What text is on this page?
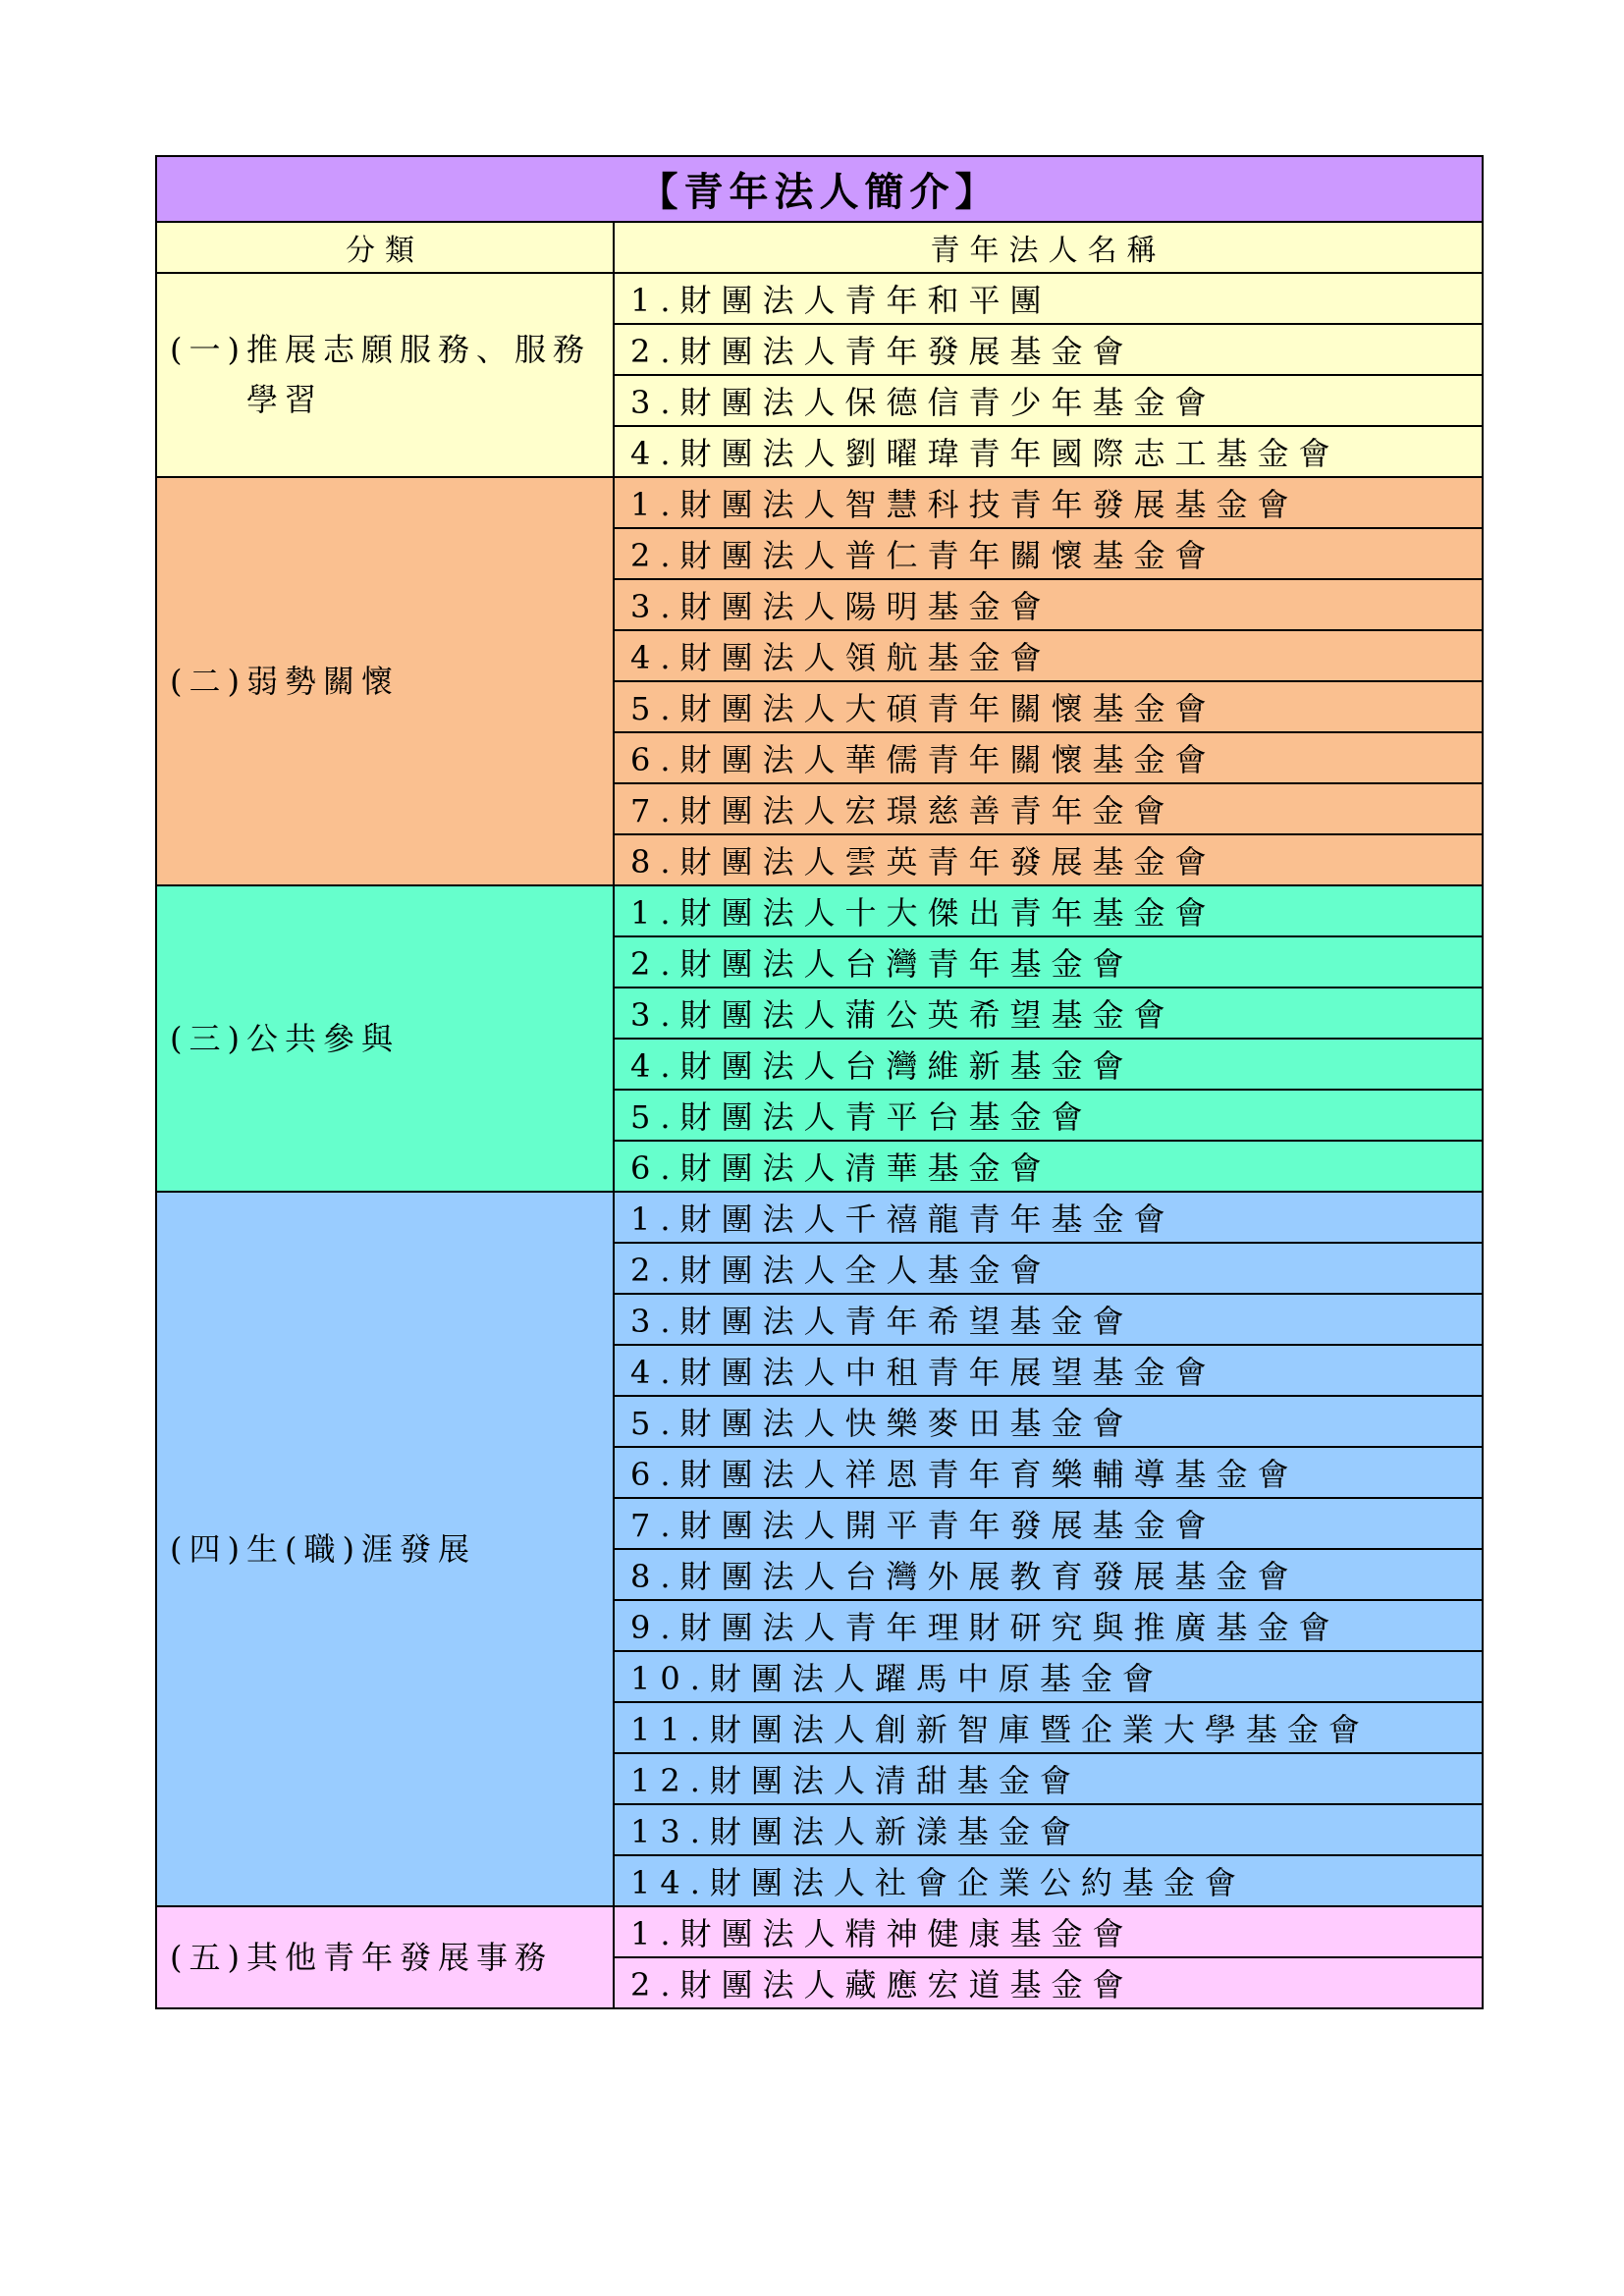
【青年法人簡介】	
分類	青年法人名稱

(一)推展志願服務、服務
學習	1.財團法人青年和平團
	2.財團法人青年發展基金會
	3.財團法人保德信青少年基金會
	4.財團法人劉曜瑋青年國際志工基金會

(二)弱勢關懷	1.財團法人智慧科技青年發展基金會
	2.財團法人普仁青年關懷基金會
	3.財團法人陽明基金會
	4.財團法人領航基金會
	5.財團法人大碩青年關懷基金會
	6.財團法人華儒青年關懷基金會
	7.財團法人宏璟慈善青年金會
	8.財團法人雲英青年發展基金會

(三)公共參與	1.財團法人十大傑出青年基金會
	2.財團法人台灣青年基金會
	3.財團法人蒲公英希望基金會
	4.財團法人台灣維新基金會
	5.財團法人青平台基金會
	6.財團法人清華基金會

(四)生(職)涯發展	1.財團法人千禧龍青年基金會
	2.財團法人全人基金會
	3.財團法人青年希望基金會
	4.財團法人中租青年展望基金會
	5.財團法人快樂麥田基金會
	6.財團法人祥恩青年育樂輔導基金會
	7.財團法人開平青年發展基金會
	8.財團法人台灣外展教育發展基金會
	9.財團法人青年理財研究與推廣基金會
	10.財團法人躍馬中原基金會
	11.財團法人創新智庫暨企業大學基金會
	12.財團法人清甜基金會
	13.財團法人新漾基金會
	14.財團法人社會企業公約基金會

(五)其他青年發展事務	1.財團法人精神健康基金會
	2.財團法人藏應宏道基金會
